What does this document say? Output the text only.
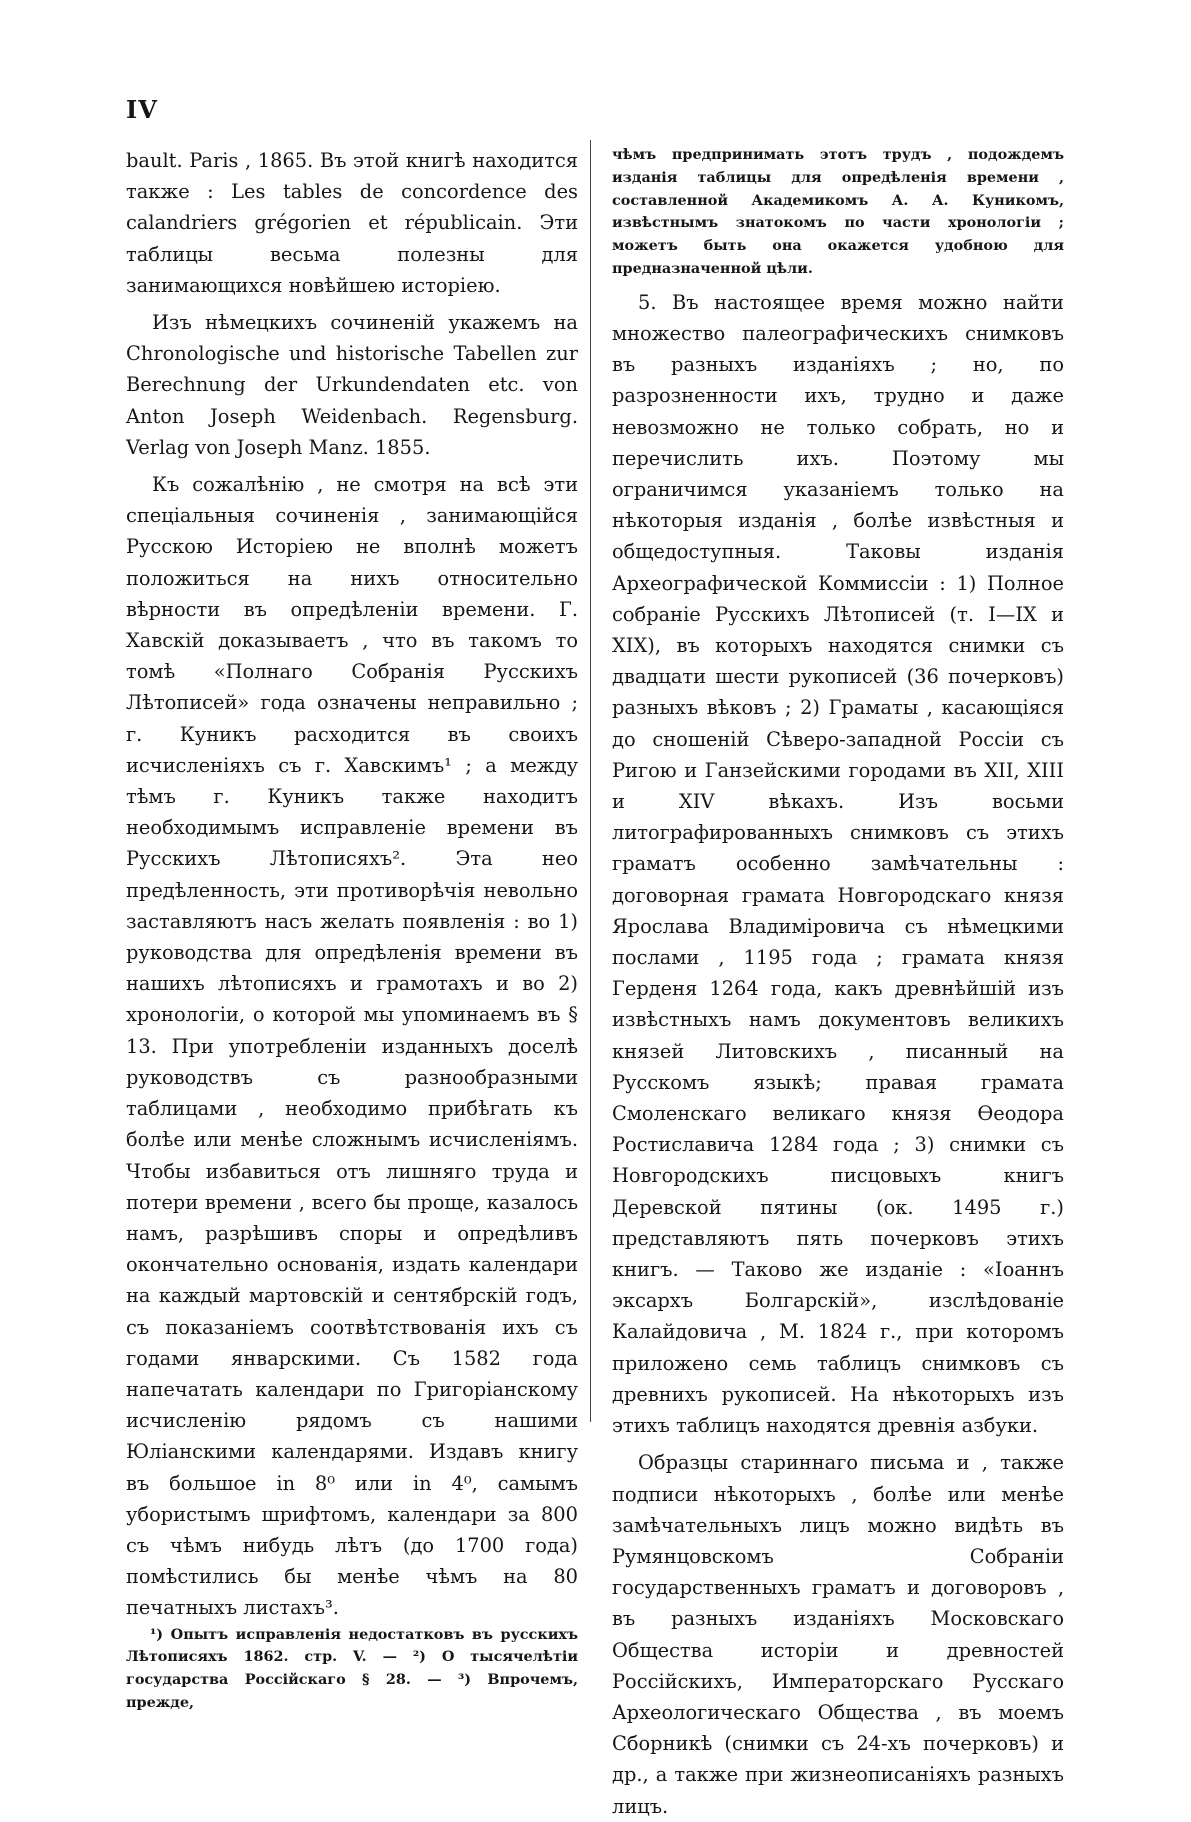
IV

bault. Paris , 1865. Въ этой книгѣ находится также : Les tables de concordence des calandriers grégorien et républicain. Эти таблицы весьма полезны для занимающихся новѣйшею исторіею.

Изъ нѣмецкихъ сочиненій укажемъ на Chronologische und historische Tabellen zur Berechnung der Urkundendaten etc. von Anton Joseph Weidenbach. Regensburg. Verlag von Joseph Manz. 1855.

Къ сожалѣнію , не смотря на всѣ эти спеціальныя сочиненія , занимающійся Русскою Исторіею не вполнѣ можетъ положиться на нихъ относительно вѣрности въ опредѣленіи времени. Г. Хавскій доказываетъ , что въ такомъ то томѣ «Полнаго Собранія Русскихъ Лѣтописей» года означены неправильно ; г. Куникъ расходится въ своихъ исчисленіяхъ съ г. Хавскимъ¹ ; а между тѣмъ г. Куникъ также находитъ необходимымъ исправленіе времени въ Русскихъ Лѣтописяхъ². Эта нео предѣленность, эти противорѣчія невольно заставляютъ насъ желать появленія : во 1) руководства для опредѣленія времени въ нашихъ лѣтописяхъ и грамотахъ и во 2) хронологіи, о которой мы упоминаемъ въ § 13. При употребленіи изданныхъ доселѣ руководствъ съ разнообразными таблицами , необходимо прибѣгать къ болѣе или менѣе сложнымъ исчисленіямъ. Чтобы избавиться отъ лишняго труда и потери времени , всего бы проще, казалось намъ, разрѣшивъ споры и опредѣливъ окончательно основанія, издать календари на каждый мартовскій и сентябрскій годъ, съ показаніемъ соотвѣтствованія ихъ съ годами январскими. Съ 1582 года напечатать календари по Григоріанскому исчисленію рядомъ съ нашими Юліанскими календарями. Издавъ книгу въ большое in 8⁰ или in 4⁰, самымъ убористымъ шрифтомъ, календари за 800 съ чѣмъ нибудь лѣтъ (до 1700 года) помѣстились бы менѣе чѣмъ на 80 печатныхъ листахъ³.

¹) Опытъ исправленія недостатковъ въ русскихъ Лѣтописяхъ 1862. стр. V. — ²) О тысячелѣтіи государства Россійскаго § 28. — ³) Впрочемъ, прежде,

чѣмъ предпринимать этотъ трудъ , подождемъ изданія таблицы для опредѣленія времени , составленной Академикомъ А. А. Куникомъ, извѣстнымъ знатокомъ по части хронологіи ; можетъ быть она окажется удобною для предназначенной цѣли.

5. Въ настоящее время можно найти множество палеографическихъ снимковъ въ разныхъ изданіяхъ ; но, по разрозненности ихъ, трудно и даже невозможно не только собрать, но и перечислить ихъ. Поэтому мы ограничимся указаніемъ только на нѣкоторыя изданія , болѣе извѣстныя и общедоступныя. Таковы изданія Археографической Коммиссіи : 1) Полное собраніе Русскихъ Лѣтописей (т. I—IX и XIX), въ которыхъ находятся снимки съ двадцати шести рукописей (36 почерковъ) разныхъ вѣковъ ; 2) Граматы , касающіяся до сношеній Сѣверо-западной Россіи съ Ригою и Ганзейскими городами въ XII, XIII и XIV вѣкахъ. Изъ восьми литографированныхъ снимковъ съ этихъ граматъ особенно замѣчательны : договорная грамата Новгородскаго князя Ярослава Владиміровича съ нѣмецкими послами , 1195 года ; грамата князя Герденя 1264 года, какъ древнѣйшій изъ извѣстныхъ намъ документовъ великихъ князей Литовскихъ , писанный на Русскомъ языкѣ; правая грамата Смоленскаго великаго князя Ѳеодора Ростиславича 1284 года ; 3) снимки съ Новгородскихъ писцовыхъ книгъ Деревской пятины (ок. 1495 г.) представляютъ пять почерковъ этихъ книгъ. — Таково же изданіе : «Іоаннъ эксархъ Болгарскій», изслѣдованіе Калайдовича , М. 1824 г., при которомъ приложено семь таблицъ снимковъ съ древнихъ рукописей. На нѣкоторыхъ изъ этихъ таблицъ находятся древнія азбуки.

Образцы стариннаго письма и , также подписи нѣкоторыхъ , болѣе или менѣе замѣчательныхъ лицъ можно видѣть въ Румянцовскомъ Собраніи государственныхъ граматъ и договоровъ , въ разныхъ изданіяхъ Московскаго Общества исторіи и древностей Россійскихъ, Императорскаго Русскаго Археологическаго Общества , въ моемъ Сборникѣ (снимки съ 24-хъ почерковъ) и др., а также при жизнеописаніяхъ разныхъ лицъ.
